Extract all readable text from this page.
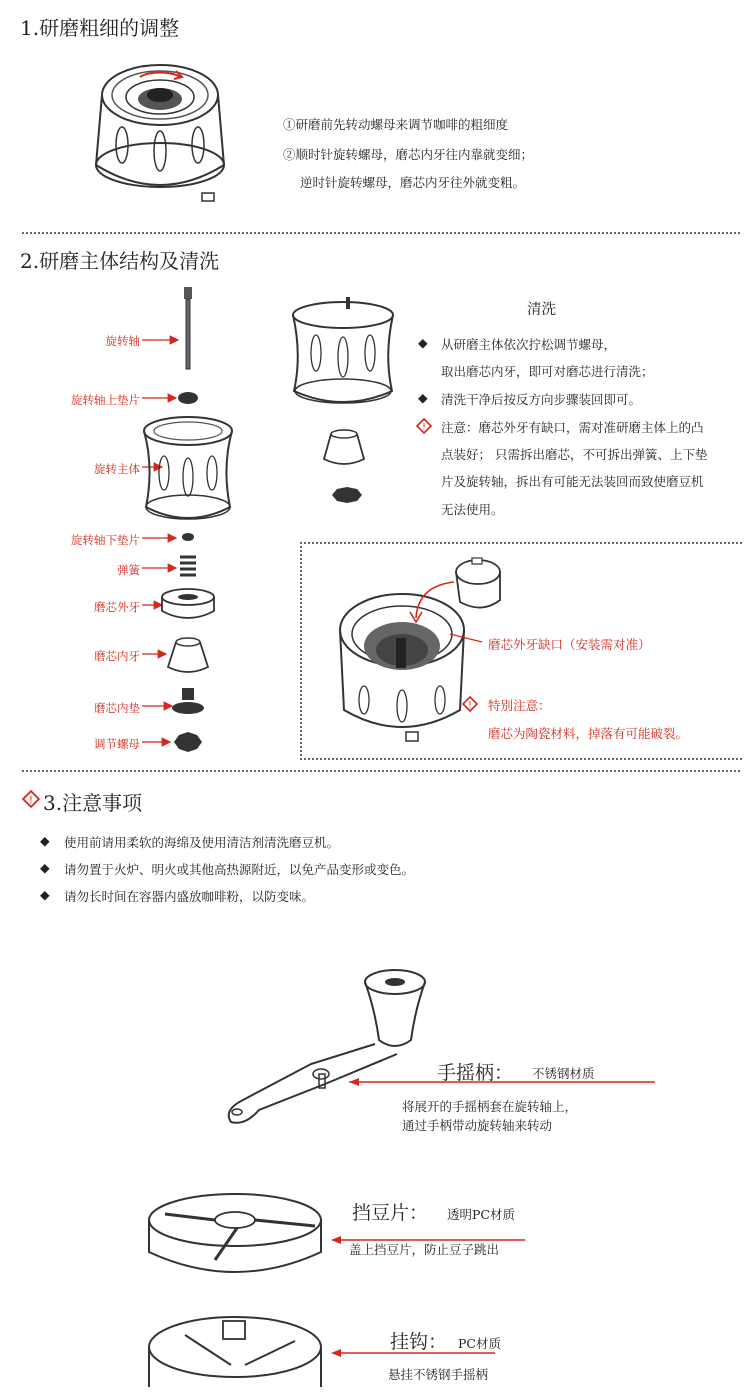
1.研磨粗细的调整
①研磨前先转动螺母来调节咖啡的粗细度
②顺时针旋转螺母，磨芯内牙往内靠就变细；
逆时针旋转螺母，磨芯内牙往外就变粗。
2.研磨主体结构及清洗
旋转轴
旋转轴上垫片
旋转主体
旋转轴下垫片
弹簧
磨芯外牙
磨芯内牙
磨芯内垫
调节螺母
清洗
◆ 从研磨主体依次拧松调节螺母，
取出磨芯内牙，即可对磨芯进行清洗；
◆ 清洗干净后按反方向步骤装回即可。
! 注意：磨芯外牙有缺口，需对准研磨主体上的凸
点装好； 只需拆出磨芯，不可拆出弹簧、上下垫
片及旋转轴，拆出有可能无法装回而致使磨豆机
无法使用。
磨芯外牙缺口（安装需对准）
! 特别注意：
磨芯为陶瓷材料，掉落有可能破裂。
! 3.注意事项
◆ 使用前请用柔软的海绵及使用清洁剂清洗磨豆机。
◆ 请勿置于火炉、明火或其他高热源附近，以免产品变形或变色。
◆ 请勿长时间在容器内盛放咖啡粉，以防变味。
手摇柄： 不锈钢材质
将展开的手摇柄套在旋转轴上，
通过手柄带动旋转轴来转动
挡豆片： 透明PC材质
盖上挡豆片，防止豆子跳出
挂钩： PC材质
悬挂不锈钢手摇柄
